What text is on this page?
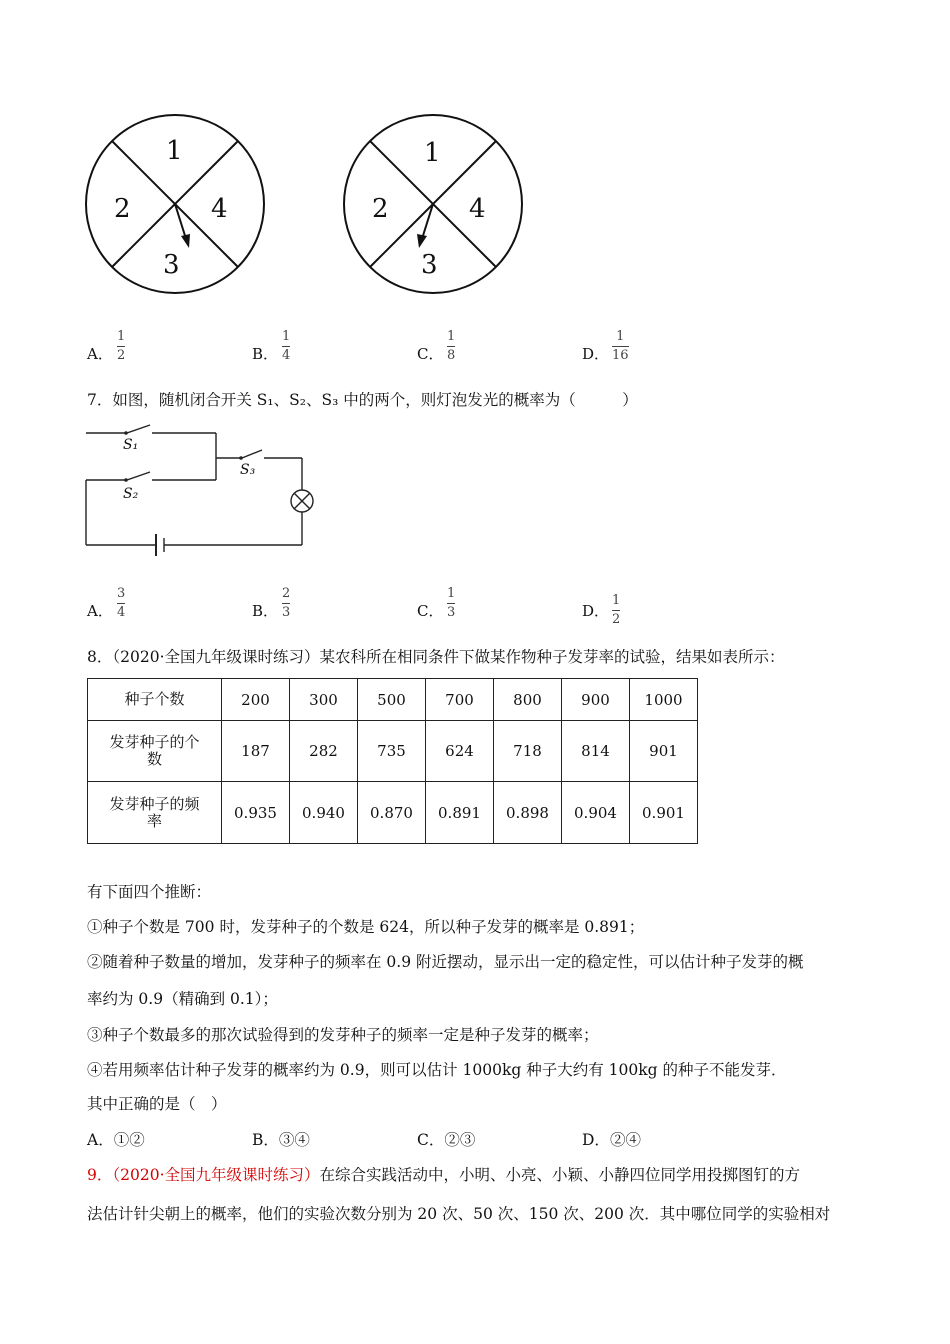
1
2	4
3
1
2	4
3
A．
1
2	B．
1
4	C．
1
8	D．
1
16
7．如图，随机闭合开关 S₁、S₂、S₃ 中的两个，则灯泡发光的概率为（　　　）
S₁
S₂
S₃
A．
3
4	B．
2
3	C．
1
3	D．
1
2
8．（2020·全国九年级课时练习）某农科所在相同条件下做某作物种子发芽率的试验，结果如表所示：
种子个数	200	300	500	700	800	900	1000

发芽种子的个数	187	282	735	624	718	814	901

发芽种子的频率	0.935	0.940	0.870	0.891	0.898	0.904	0.901
有下面四个推断：
①种子个数是 700 时，发芽种子的个数是 624，所以种子发芽的概率是 0.891；
②随着种子数量的增加，发芽种子的频率在 0.9 附近摆动，显示出一定的稳定性，可以估计种子发芽的概
率约为 0.9（精确到 0.1）；
③种子个数最多的那次试验得到的发芽种子的频率一定是种子发芽的概率；
④若用频率估计种子发芽的概率约为 0.9，则可以估计 1000kg 种子大约有 100kg 的种子不能发芽．
其中正确的是（　）
A．①②	B．③④	C．②③	D．②④
9．（2020·全国九年级课时练习）在综合实践活动中，小明、小亮、小颖、小静四位同学用投掷图钉的方
法估计针尖朝上的概率，他们的实验次数分别为 20 次、50 次、150 次、200 次．其中哪位同学的实验相对
